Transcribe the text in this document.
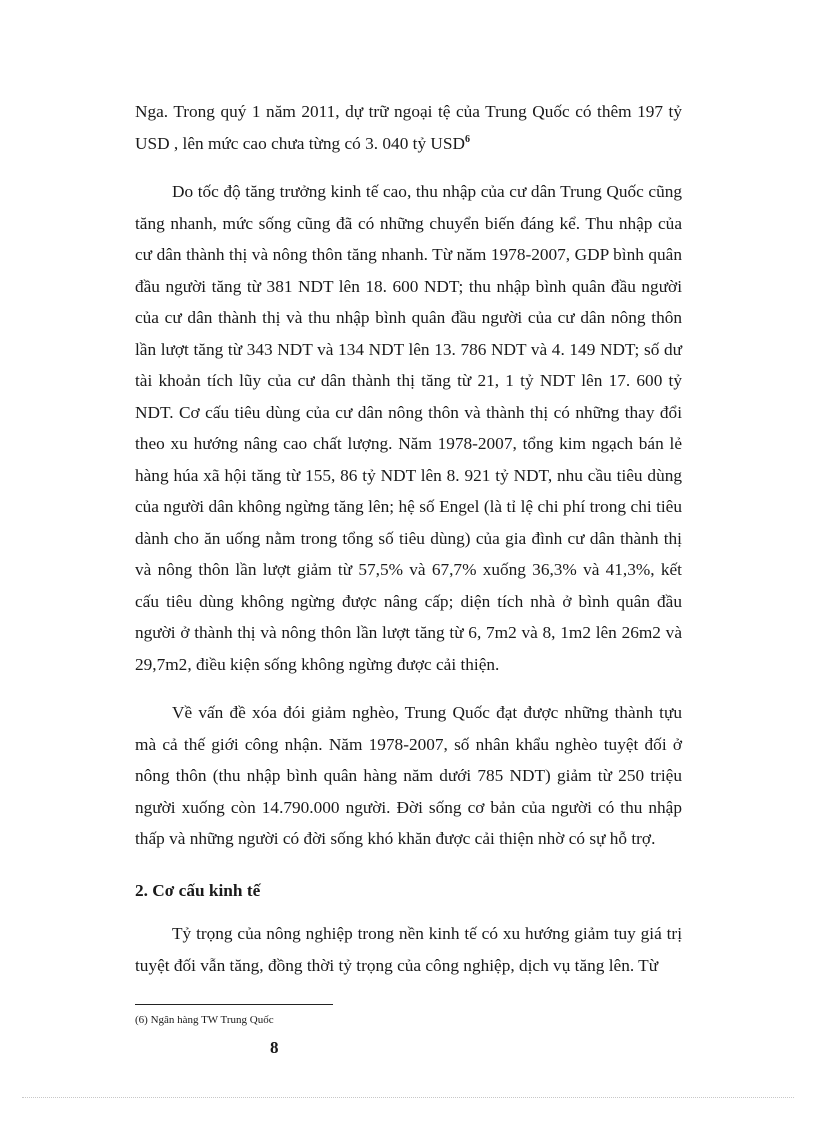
Nga. Trong quý 1 năm 2011, dự trữ ngoại tệ của Trung Quốc có thêm 197 tỷ USD , lên mức cao chưa từng có 3. 040 tỷ USD$^6$

Do tốc độ tăng trưởng kinh tế cao, thu nhập của cư dân Trung Quốc cũng tăng nhanh, mức sống cũng đã có những chuyển biến đáng kể. Thu nhập của cư dân thành thị và nông thôn tăng nhanh. Từ năm 1978-2007, GDP bình quân đầu người tăng từ 381 NDT lên 18. 600 NDT; thu nhập bình quân đầu người của cư dân thành thị và thu nhập bình quân đầu người của cư dân nông thôn lần lượt tăng từ 343 NDT và 134 NDT lên 13. 786 NDT và 4. 149 NDT; số dư tài khoản tích lũy của cư dân thành thị tăng từ 21, 1 tỷ NDT lên 17. 600 tỷ NDT. Cơ cấu tiêu dùng của cư dân nông thôn và thành thị có những thay đổi theo xu hướng nâng cao chất lượng. Năm 1978-2007, tổng kim ngạch bán lẻ hàng húa xã hội tăng từ 155, 86 tỷ NDT lên 8. 921 tỷ NDT, nhu cầu tiêu dùng của người dân không ngừng tăng lên; hệ số Engel (là tỉ lệ chi phí trong chi tiêu dành cho ăn uống nằm trong tổng số tiêu dùng) của gia đình cư dân thành thị và nông thôn lần lượt giảm từ 57,5% và 67,7% xuống 36,3% và 41,3%, kết cấu tiêu dùng không ngừng được nâng cấp; diện tích nhà ở bình quân đầu người ở thành thị và nông thôn lần lượt tăng từ 6, 7m2 và 8, 1m2 lên 26m2 và 29,7m2, điều kiện sống không ngừng được cải thiện.

Về vấn đề xóa đói giảm nghèo, Trung Quốc đạt được những thành tựu mà cả thế giới công nhận. Năm 1978-2007, số nhân khẩu nghèo tuyệt đối ở nông thôn (thu nhập bình quân hàng năm dưới 785 NDT) giảm từ 250 triệu người xuống còn 14.790.000 người. Đời sống cơ bản của người có thu nhập thấp và những người có đời sống khó khăn được cải thiện nhờ có sự hỗ trợ.

2. Cơ cấu kinh tế

Tỷ trọng của nông nghiệp trong nền kinh tế có xu hướng giảm tuy giá trị tuyệt đối vẫn tăng, đồng thời tỷ trọng của công nghiệp, dịch vụ tăng lên. Từ

(6) Ngân hàng TW Trung Quốc
8
